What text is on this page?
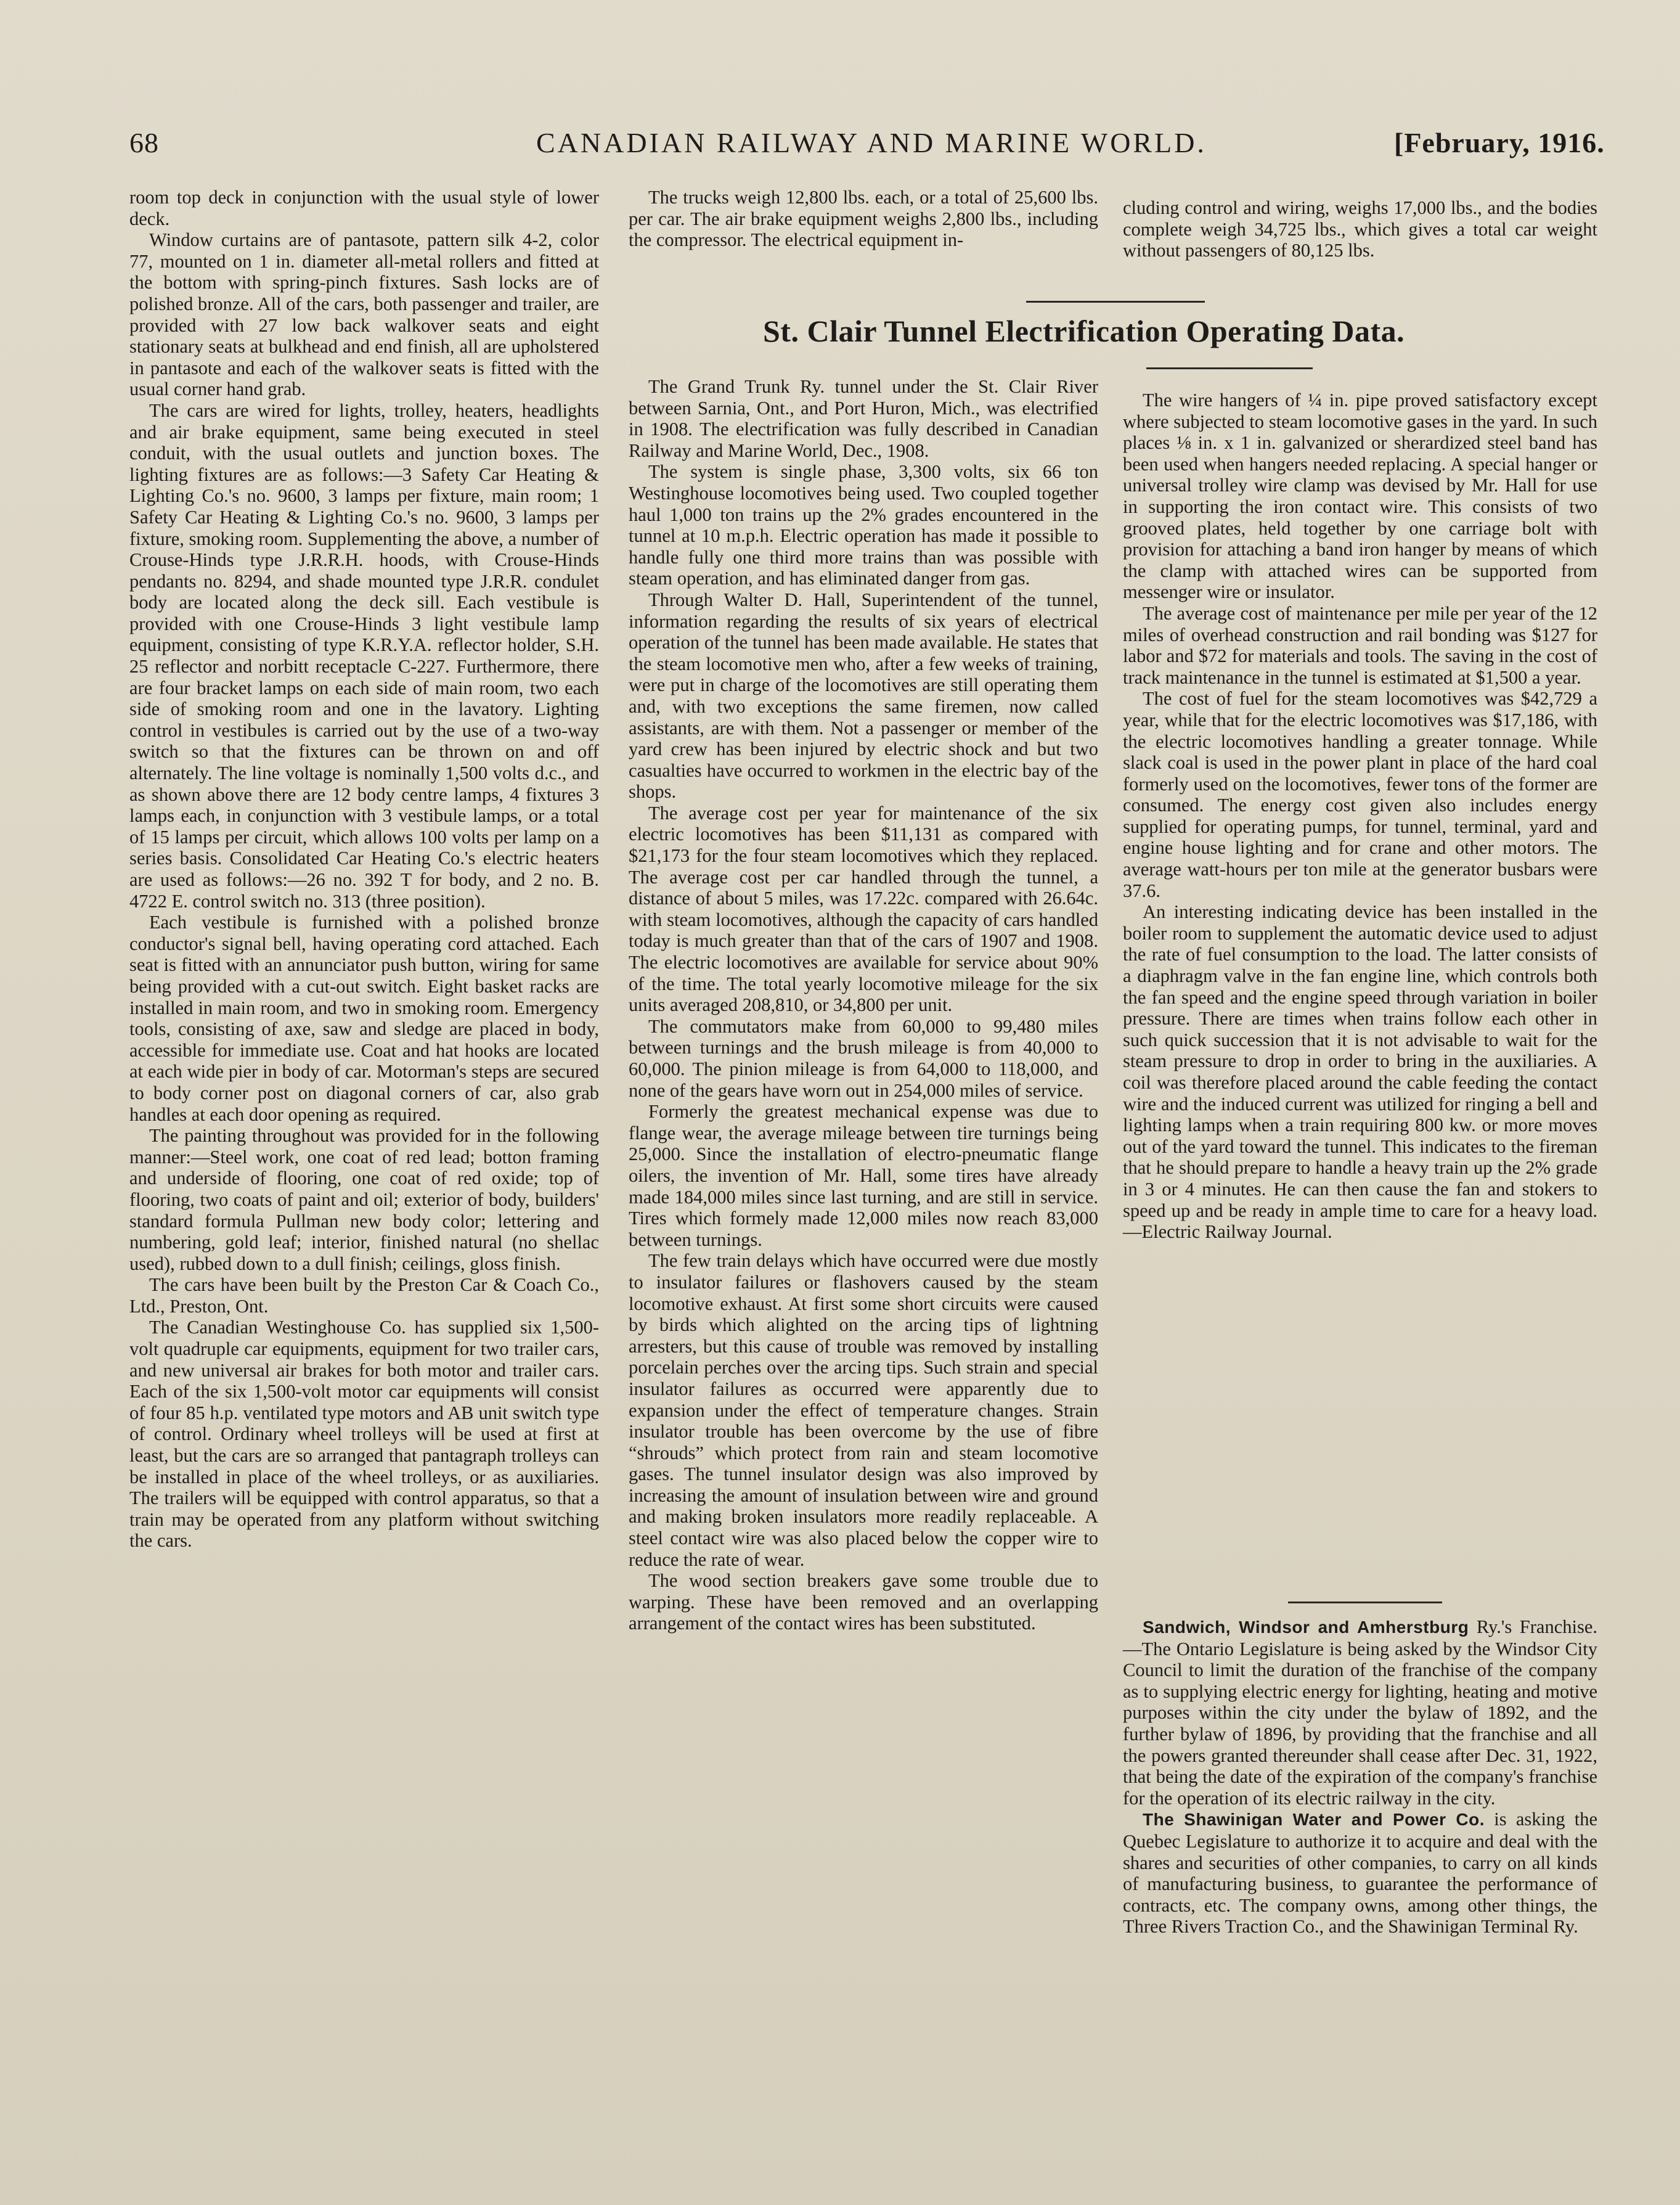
68	CANADIAN RAILWAY AND MARINE WORLD.	[February, 1916.

room top deck in conjunction with the usual style of lower deck.

Window curtains are of pantasote, pattern silk 4-2, color 77, mounted on 1 in. diameter all-metal rollers and fitted at the bottom with spring-pinch fixtures. Sash locks are of polished bronze. All of the cars, both passenger and trailer, are provided with 27 low back walkover seats and eight stationary seats at bulkhead and end finish, all are upholstered in pantasote and each of the walkover seats is fitted with the usual corner hand grab.

The cars are wired for lights, trolley, heaters, headlights and air brake equipment, same being executed in steel conduit, with the usual outlets and junction boxes. The lighting fixtures are as follows:—3 Safety Car Heating & Lighting Co.'s no. 9600, 3 lamps per fixture, main room; 1 Safety Car Heating & Lighting Co.'s no. 9600, 3 lamps per fixture, smoking room. Supplementing the above, a number of Crouse-Hinds type J.R.R.H. hoods, with Crouse-Hinds pendants no. 8294, and shade mounted type J.R.R. condulet body are located along the deck sill. Each vestibule is provided with one Crouse-Hinds 3 light vestibule lamp equipment, consisting of type K.R.Y.A. reflector holder, S.H. 25 reflector and norbitt receptacle C-227. Furthermore, there are four bracket lamps on each side of main room, two each side of smoking room and one in the lavatory. Lighting control in vestibules is carried out by the use of a two-way switch so that the fixtures can be thrown on and off alternately. The line voltage is nominally 1,500 volts d.c., and as shown above there are 12 body centre lamps, 4 fixtures 3 lamps each, in conjunction with 3 vestibule lamps, or a total of 15 lamps per circuit, which allows 100 volts per lamp on a series basis. Consolidated Car Heating Co.'s electric heaters are used as follows:—26 no. 392 T for body, and 2 no. B. 4722 E. control switch no. 313 (three position).

Each vestibule is furnished with a polished bronze conductor's signal bell, having operating cord attached. Each seat is fitted with an annunciator push button, wiring for same being provided with a cut-out switch. Eight basket racks are installed in main room, and two in smoking room. Emergency tools, consisting of axe, saw and sledge are placed in body, accessible for immediate use. Coat and hat hooks are located at each wide pier in body of car. Motorman's steps are secured to body corner post on diagonal corners of car, also grab handles at each door opening as required.

The painting throughout was provided for in the following manner:—Steel work, one coat of red lead; botton framing and underside of flooring, one coat of red oxide; top of flooring, two coats of paint and oil; exterior of body, builders' standard formula Pullman new body color; lettering and numbering, gold leaf; interior, finished natural (no shellac used), rubbed down to a dull finish; ceilings, gloss finish.

The cars have been built by the Preston Car & Coach Co., Ltd., Preston, Ont.

The Canadian Westinghouse Co. has supplied six 1,500-volt quadruple car equipments, equipment for two trailer cars, and new universal air brakes for both motor and trailer cars. Each of the six 1,500-volt motor car equipments will consist of four 85 h.p. ventilated type motors and AB unit switch type of control. Ordinary wheel trolleys will be used at first at least, but the cars are so arranged that pantagraph trolleys can be installed in place of the wheel trolleys, or as auxiliaries. The trailers will be equipped with control apparatus, so that a train may be operated from any platform without switching the cars.

The trucks weigh 12,800 lbs. each, or a total of 25,600 lbs. per car. The air brake equipment weighs 2,800 lbs., including the compressor. The electrical equipment in-

cluding control and wiring, weighs 17,000 lbs., and the bodies complete weigh 34,725 lbs., which gives a total car weight without passengers of 80,125 lbs.

St. Clair Tunnel Electrification Operating Data.

The Grand Trunk Ry. tunnel under the St. Clair River between Sarnia, Ont., and Port Huron, Mich., was electrified in 1908. The electrification was fully described in Canadian Railway and Marine World, Dec., 1908.

The system is single phase, 3,300 volts, six 66 ton Westinghouse locomotives being used. Two coupled together haul 1,000 ton trains up the 2% grades encountered in the tunnel at 10 m.p.h. Electric operation has made it possible to handle fully one third more trains than was possible with steam operation, and has eliminated danger from gas.

Through Walter D. Hall, Superintendent of the tunnel, information regarding the results of six years of electrical operation of the tunnel has been made available. He states that the steam locomotive men who, after a few weeks of training, were put in charge of the locomotives are still operating them and, with two exceptions the same firemen, now called assistants, are with them. Not a passenger or member of the yard crew has been injured by electric shock and but two casualties have occurred to workmen in the electric bay of the shops.

The average cost per year for maintenance of the six electric locomotives has been $11,131 as compared with $21,173 for the four steam locomotives which they replaced. The average cost per car handled through the tunnel, a distance of about 5 miles, was 17.22c. compared with 26.64c. with steam locomotives, although the capacity of cars handled today is much greater than that of the cars of 1907 and 1908. The electric locomotives are available for service about 90% of the time. The total yearly locomotive mileage for the six units averaged 208,810, or 34,800 per unit.

The commutators make from 60,000 to 99,480 miles between turnings and the brush mileage is from 40,000 to 60,000. The pinion mileage is from 64,000 to 118,000, and none of the gears have worn out in 254,000 miles of service.

Formerly the greatest mechanical expense was due to flange wear, the average mileage between tire turnings being 25,000. Since the installation of electro-pneumatic flange oilers, the invention of Mr. Hall, some tires have already made 184,000 miles since last turning, and are still in service. Tires which formely made 12,000 miles now reach 83,000 between turnings.

The few train delays which have occurred were due mostly to insulator failures or flashovers caused by the steam locomotive exhaust. At first some short circuits were caused by birds which alighted on the arcing tips of lightning arresters, but this cause of trouble was removed by installing porcelain perches over the arcing tips. Such strain and special insulator failures as occurred were apparently due to expansion under the effect of temperature changes. Strain insulator trouble has been overcome by the use of fibre “shrouds” which protect from rain and steam locomotive gases. The tunnel insulator design was also improved by increasing the amount of insulation between wire and ground and making broken insulators more readily replaceable. A steel contact wire was also placed below the copper wire to reduce the rate of wear.

The wood section breakers gave some trouble due to warping. These have been removed and an overlapping arrangement of the contact wires has been substituted.

The wire hangers of ¼ in. pipe proved satisfactory except where subjected to steam locomotive gases in the yard. In such places ⅛ in. x 1 in. galvanized or sherardized steel band has been used when hangers needed replacing. A special hanger or universal trolley wire clamp was devised by Mr. Hall for use in supporting the iron contact wire. This consists of two grooved plates, held together by one carriage bolt with provision for attaching a band iron hanger by means of which the clamp with attached wires can be supported from messenger wire or insulator.

The average cost of maintenance per mile per year of the 12 miles of overhead construction and rail bonding was $127 for labor and $72 for materials and tools. The saving in the cost of track maintenance in the tunnel is estimated at $1,500 a year.

The cost of fuel for the steam locomotives was $42,729 a year, while that for the electric locomotives was $17,186, with the electric locomotives handling a greater tonnage. While slack coal is used in the power plant in place of the hard coal formerly used on the locomotives, fewer tons of the former are consumed. The energy cost given also includes energy supplied for operating pumps, for tunnel, terminal, yard and engine house lighting and for crane and other motors. The average watt-hours per ton mile at the generator busbars were 37.6.

An interesting indicating device has been installed in the boiler room to supplement the automatic device used to adjust the rate of fuel consumption to the load. The latter consists of a diaphragm valve in the fan engine line, which controls both the fan speed and the engine speed through variation in boiler pressure. There are times when trains follow each other in such quick succession that it is not advisable to wait for the steam pressure to drop in order to bring in the auxiliaries. A coil was therefore placed around the cable feeding the contact wire and the induced current was utilized for ringing a bell and lighting lamps when a train requiring 800 kw. or more moves out of the yard toward the tunnel. This indicates to the fireman that he should prepare to handle a heavy train up the 2% grade in 3 or 4 minutes. He can then cause the fan and stokers to speed up and be ready in ample time to care for a heavy load.—Electric Railway Journal.

Sandwich, Windsor and Amherstburg Ry.'s Franchise.—The Ontario Legislature is being asked by the Windsor City Council to limit the duration of the franchise of the company as to supplying electric energy for lighting, heating and motive purposes within the city under the bylaw of 1892, and the further bylaw of 1896, by providing that the franchise and all the powers granted thereunder shall cease after Dec. 31, 1922, that being the date of the expiration of the company's franchise for the operation of its electric railway in the city.

The Shawinigan Water and Power Co. is asking the Quebec Legislature to authorize it to acquire and deal with the shares and securities of other companies, to carry on all kinds of manufacturing business, to guarantee the performance of contracts, etc. The company owns, among other things, the Three Rivers Traction Co., and the Shawinigan Terminal Ry.
